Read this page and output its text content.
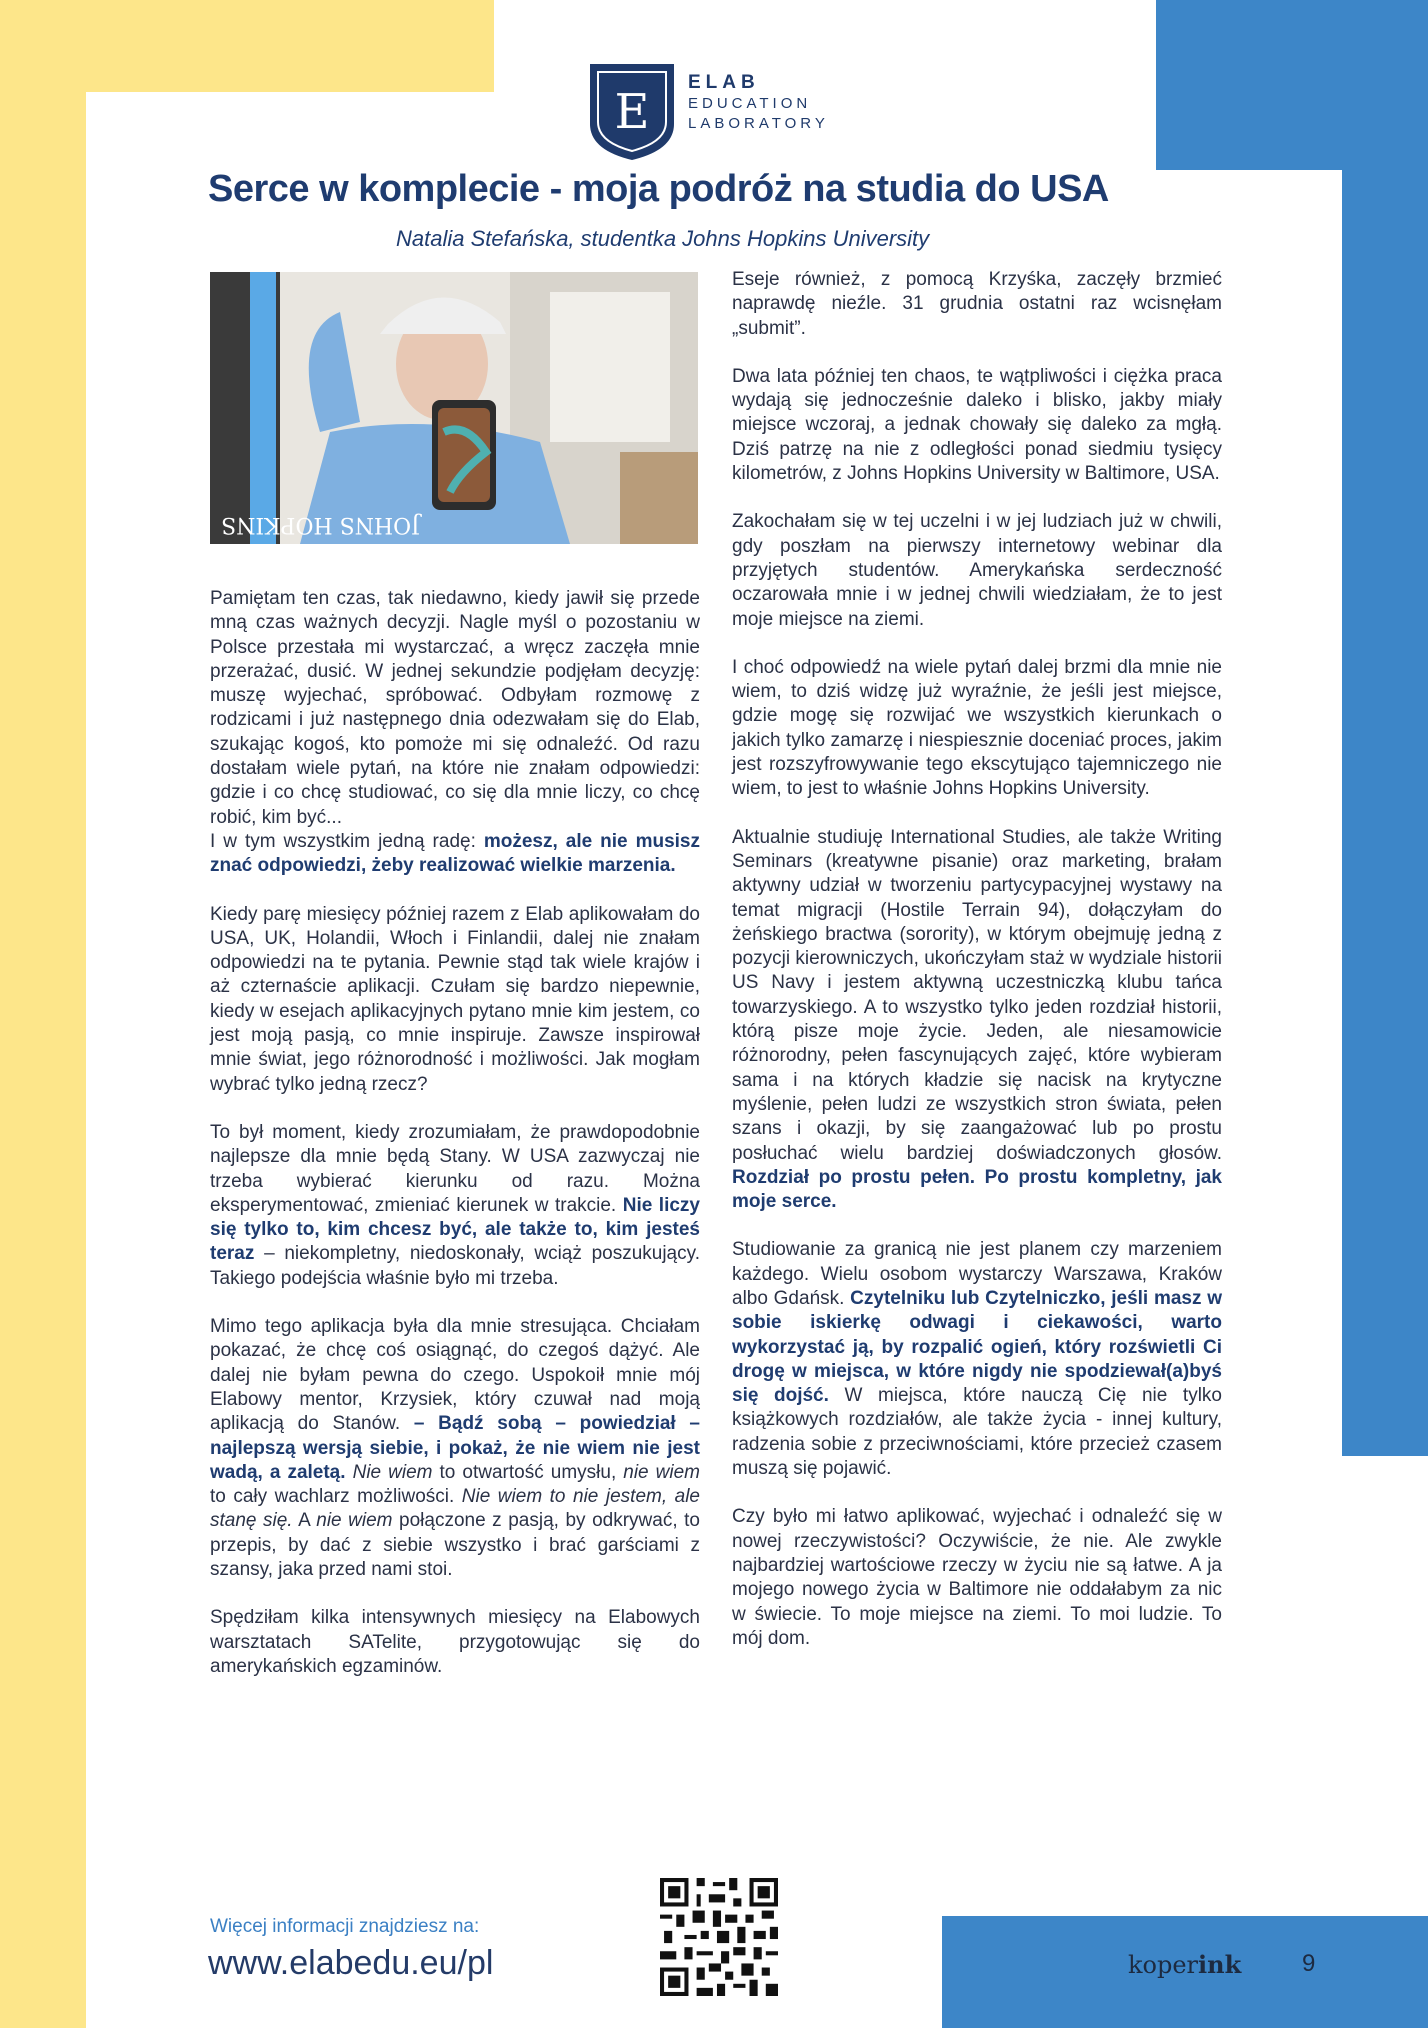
E
ELAB
EDUCATION
LABORATORY
Serce w komplecie - moja podróż na studia do USA
Natalia Stefańska, studentka Johns Hopkins University
JOHNS HOPKINS

Pamiętam ten czas, tak niedawno, kiedy jawił się przede mną czas ważnych decyzji. Nagle myśl o pozostaniu w Polsce przestała mi wystarczać, a wręcz zaczęła mnie przerażać, dusić. W jednej sekundzie podjęłam decyzję: muszę wyjechać, spróbować. Odbyłam rozmowę z rodzicami i już następnego dnia odezwałam się do Elab, szukając kogoś, kto pomoże mi się odnaleźć. Od razu dostałam wiele pytań, na które nie znałam odpowiedzi: gdzie i co chcę studiować, co się dla mnie liczy, co chcę robić, kim być...
I w tym wszystkim jedną radę: możesz, ale nie musisz znać odpowiedzi, żeby realizować wielkie marzenia.

Kiedy parę miesięcy później razem z Elab aplikowałam do USA, UK, Holandii, Włoch i Finlandii, dalej nie znałam odpowiedzi na te pytania. Pewnie stąd tak wiele krajów i aż czternaście aplikacji. Czułam się bardzo niepewnie, kiedy w esejach aplikacyjnych pytano mnie kim jestem, co jest moją pasją, co mnie inspiruje. Zawsze inspirował mnie świat, jego różnorodność i możliwości. Jak mogłam wybrać tylko jedną rzecz?

To był moment, kiedy zrozumiałam, że prawdopodobnie najlepsze dla mnie będą Stany. W USA zazwyczaj nie trzeba wybierać kierunku od razu. Można eksperymentować, zmieniać kierunek w trakcie. Nie liczy się tylko to, kim chcesz być, ale także to, kim jesteś teraz – niekompletny, niedoskonały, wciąż poszukujący. Takiego podejścia właśnie było mi trzeba.

Mimo tego aplikacja była dla mnie stresująca. Chciałam pokazać, że chcę coś osiągnąć, do czegoś dążyć. Ale dalej nie byłam pewna do czego. Uspokoił mnie mój Elabowy mentor, Krzysiek, który czuwał nad moją aplikacją do Stanów. – Bądź sobą – powiedział – najlepszą wersją siebie, i pokaż, że nie wiem nie jest wadą, a zaletą. Nie wiem to otwartość umysłu, nie wiem to cały wachlarz możliwości. Nie wiem to nie jestem, ale stanę się. A nie wiem połączone z pasją, by odkrywać, to przepis, by dać z siebie wszystko i brać garściami z szansy, jaka przed nami stoi.

Spędziłam kilka intensywnych miesięcy na Elabowych warsztatach SATelite, przygotowując się do amerykańskich egzaminów.

Eseje również, z pomocą Krzyśka, zaczęły brzmieć naprawdę nieźle. 31 grudnia ostatni raz wcisnęłam „submit”.

Dwa lata później ten chaos, te wątpliwości i ciężka praca wydają się jednocześnie daleko i blisko, jakby miały miejsce wczoraj, a jednak chowały się daleko za mgłą. Dziś patrzę na nie z odległości ponad siedmiu tysięcy kilometrów, z Johns Hopkins University w Baltimore, USA.

Zakochałam się w tej uczelni i w jej ludziach już w chwili, gdy poszłam na pierwszy internetowy webinar dla przyjętych studentów. Amerykańska serdeczność oczarowała mnie i w jednej chwili wiedziałam, że to jest moje miejsce na ziemi.

I choć odpowiedź na wiele pytań dalej brzmi dla mnie nie wiem, to dziś widzę już wyraźnie, że jeśli jest miejsce, gdzie mogę się rozwijać we wszystkich kierunkach o jakich tylko zamarzę i niespiesznie doceniać proces, jakim jest rozszyfrowywanie tego ekscytująco tajemniczego nie wiem, to jest to właśnie Johns Hopkins University.

Aktualnie studiuję International Studies, ale także Writing Seminars (kreatywne pisanie) oraz marketing, brałam aktywny udział w tworzeniu partycypacyjnej wystawy na temat migracji (Hostile Terrain 94), dołączyłam do żeńskiego bractwa (sorority), w którym obejmuję jedną z pozycji kierowniczych, ukończyłam staż w wydziale historii US Navy i jestem aktywną uczestniczką klubu tańca towarzyskiego. A to wszystko tylko jeden rozdział historii, którą pisze moje życie. Jeden, ale niesamowicie różnorodny, pełen fascynujących zajęć, które wybieram sama i na których kładzie się nacisk na krytyczne myślenie, pełen ludzi ze wszystkich stron świata, pełen szans i okazji, by się zaangażować lub po prostu posłuchać wielu bardziej doświadczonych głosów. Rozdział po prostu pełen. Po prostu kompletny, jak moje serce.

Studiowanie za granicą nie jest planem czy marzeniem każdego. Wielu osobom wystarczy Warszawa, Kraków albo Gdańsk. Czytelniku lub Czytelniczko, jeśli masz w sobie iskierkę odwagi i ciekawości, warto wykorzystać ją, by rozpalić ogień, który rozświetli Ci drogę w miejsca, w które nigdy nie spodziewał(a)byś się dojść. W miejsca, które nauczą Cię nie tylko książkowych rozdziałów, ale także życia - innej kultury, radzenia sobie z przeciwnościami, które przecież czasem muszą się pojawić.

Czy było mi łatwo aplikować, wyjechać i odnaleźć się w nowej rzeczywistości? Oczywiście, że nie. Ale zwykle najbardziej wartościowe rzeczy w życiu nie są łatwe. A ja mojego nowego życia w Baltimore nie oddałabym za nic w świecie. To moje miejsce na ziemi. To moi ludzie. To mój dom.

Więcej informacji znajdziesz na:
www.elabedu.eu/pl	koperink	9
